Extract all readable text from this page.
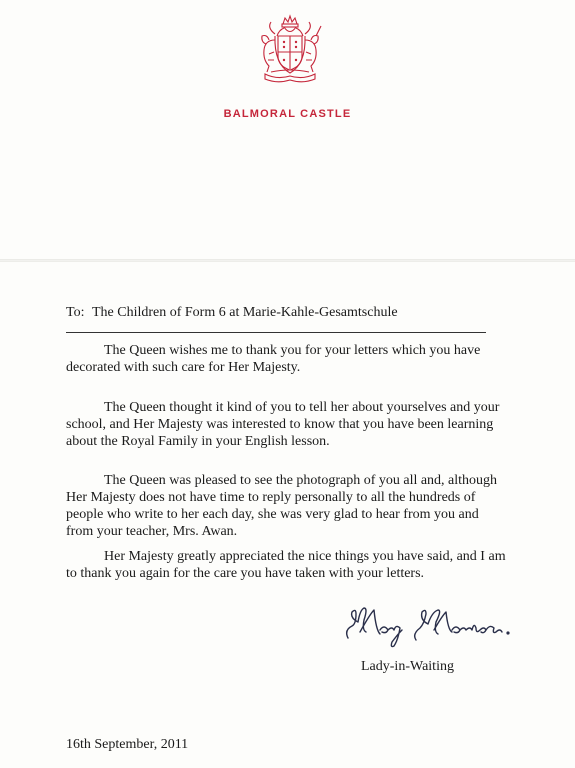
BALMORAL CASTLE
To: The Children of Form 6 at Marie-Kahle-Gesamtschule

The Queen wishes me to thank you for your letters which you have decorated with such care for Her Majesty.

The Queen thought it kind of you to tell her about yourselves and your school, and Her Majesty was interested to know that you have been learning about the Royal Family in your English lesson.

The Queen was pleased to see the photograph of you all and, although Her Majesty does not have time to reply personally to all the hundreds of people who write to her each day, she was very glad to hear from you and from your teacher, Mrs. Awan.

Her Majesty greatly appreciated the nice things you have said, and I am to thank you again for the care you have taken with your letters.

Lady-in-Waiting
16th September, 2011
